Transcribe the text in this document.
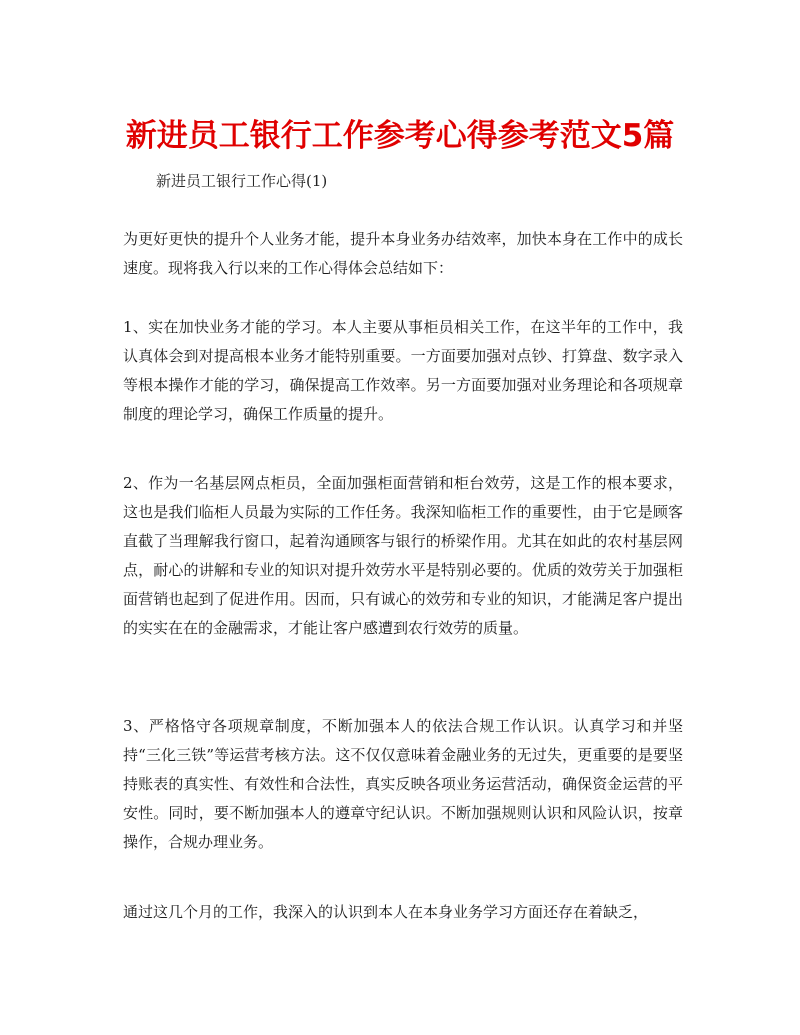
新进员工银行工作参考心得参考范文5篇
新进员工银行工作心得(1)

为更好更快的提升个人业务才能，提升本身业务办结效率，加快本身在工作中的成长速度。现将我入行以来的工作心得体会总结如下：

1、实在加快业务才能的学习。本人主要从事柜员相关工作，在这半年的工作中，我认真体会到对提高根本业务才能特别重要。一方面要加强对点钞、打算盘、数字录入等根本操作才能的学习，确保提高工作效率。另一方面要加强对业务理论和各项规章制度的理论学习，确保工作质量的提升。

2、作为一名基层网点柜员，全面加强柜面营销和柜台效劳，这是工作的根本要求，这也是我们临柜人员最为实际的工作任务。我深知临柜工作的重要性，由于它是顾客直截了当理解我行窗口，起着沟通顾客与银行的桥梁作用。尤其在如此的农村基层网点，耐心的讲解和专业的知识对提升效劳水平是特别必要的。优质的效劳关于加强柜面营销也起到了促进作用。因而，只有诚心的效劳和专业的知识，才能满足客户提出的实实在在的金融需求，才能让客户感遭到农行效劳的质量。

3、严格恪守各项规章制度，不断加强本人的依法合规工作认识。认真学习和并坚持“三化三铁”等运营考核方法。这不仅仅意味着金融业务的无过失，更重要的是要坚持账表的真实性、有效性和合法性，真实反映各项业务运营活动，确保资金运营的平安性。同时，要不断加强本人的遵章守纪认识。不断加强规则认识和风险认识，按章操作，合规办理业务。

通过这几个月的工作，我深入的认识到本人在本身业务学习方面还存在着缺乏，
